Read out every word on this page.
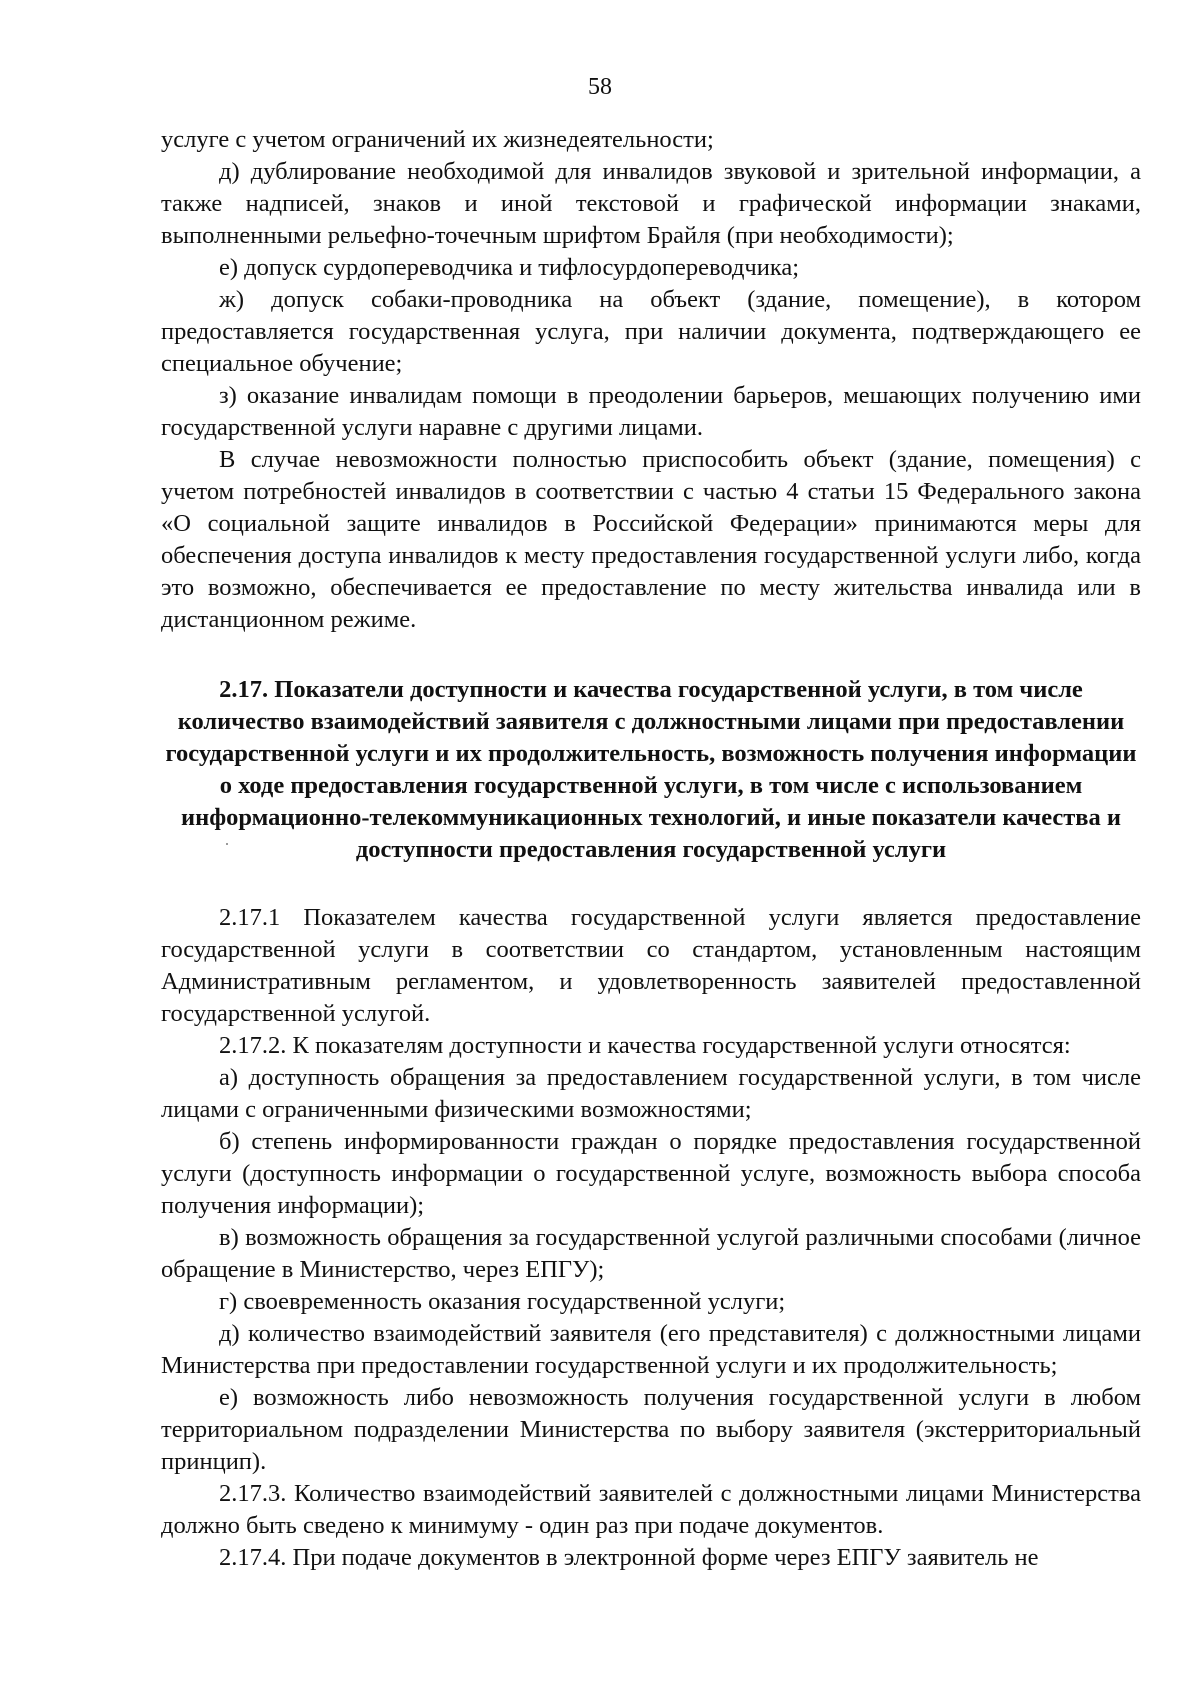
58

услуге с учетом ограничений их жизнедеятельности;

д) дублирование необходимой для инвалидов звуковой и зрительной информации, а также надписей, знаков и иной текстовой и графической информации знаками, выполненными рельефно-точечным шрифтом Брайля (при необходимости);

е) допуск сурдопереводчика и тифлосурдопереводчика;

ж) допуск собаки-проводника на объект (здание, помещение), в котором предоставляется государственная услуга, при наличии документа, подтверждающего ее специальное обучение;

з) оказание инвалидам помощи в преодолении барьеров, мешающих получению ими государственной услуги наравне с другими лицами.

В случае невозможности полностью приспособить объект (здание, помещения) с учетом потребностей инвалидов в соответствии с частью 4 статьи 15 Федерального закона «О социальной защите инвалидов в Российской Федерации» принимаются меры для обеспечения доступа инвалидов к месту предоставления государственной услуги либо, когда это возможно, обеспечивается ее предоставление по месту жительства инвалида или в дистанционном режиме.

2.17. Показатели доступности и качества государственной услуги, в том числе количество взаимодействий заявителя с должностными лицами при предоставлении государственной услуги и их продолжительность, возможность получения информации о ходе предоставления государственной услуги, в том числе с использованием информационно-телекоммуникационных технологий, и иные показатели качества и доступности предоставления государственной услуги

2.17.1 Показателем качества государственной услуги является предоставление государственной услуги в соответствии со стандартом, установленным настоящим Административным регламентом, и удовлетворенность заявителей предоставленной государственной услугой.

2.17.2. К показателям доступности и качества государственной услуги относятся:

а) доступность обращения за предоставлением государственной услуги, в том числе лицами с ограниченными физическими возможностями;

б) степень информированности граждан о порядке предоставления государственной услуги (доступность информации о государственной услуге, возможность выбора способа получения информации);

в) возможность обращения за государственной услугой различными способами (личное обращение в Министерство, через ЕПГУ);

г) своевременность оказания государственной услуги;

д) количество взаимодействий заявителя (его представителя) с должностными лицами Министерства при предоставлении государственной услуги и их продолжительность;

е) возможность либо невозможность получения государственной услуги в любом территориальном подразделении Министерства по выбору заявителя (экстерриториальный принцип).

2.17.3. Количество взаимодействий заявителей с должностными лицами Министерства должно быть сведено к минимуму - один раз при подаче документов.

2.17.4. При подаче документов в электронной форме через ЕПГУ заявитель не
